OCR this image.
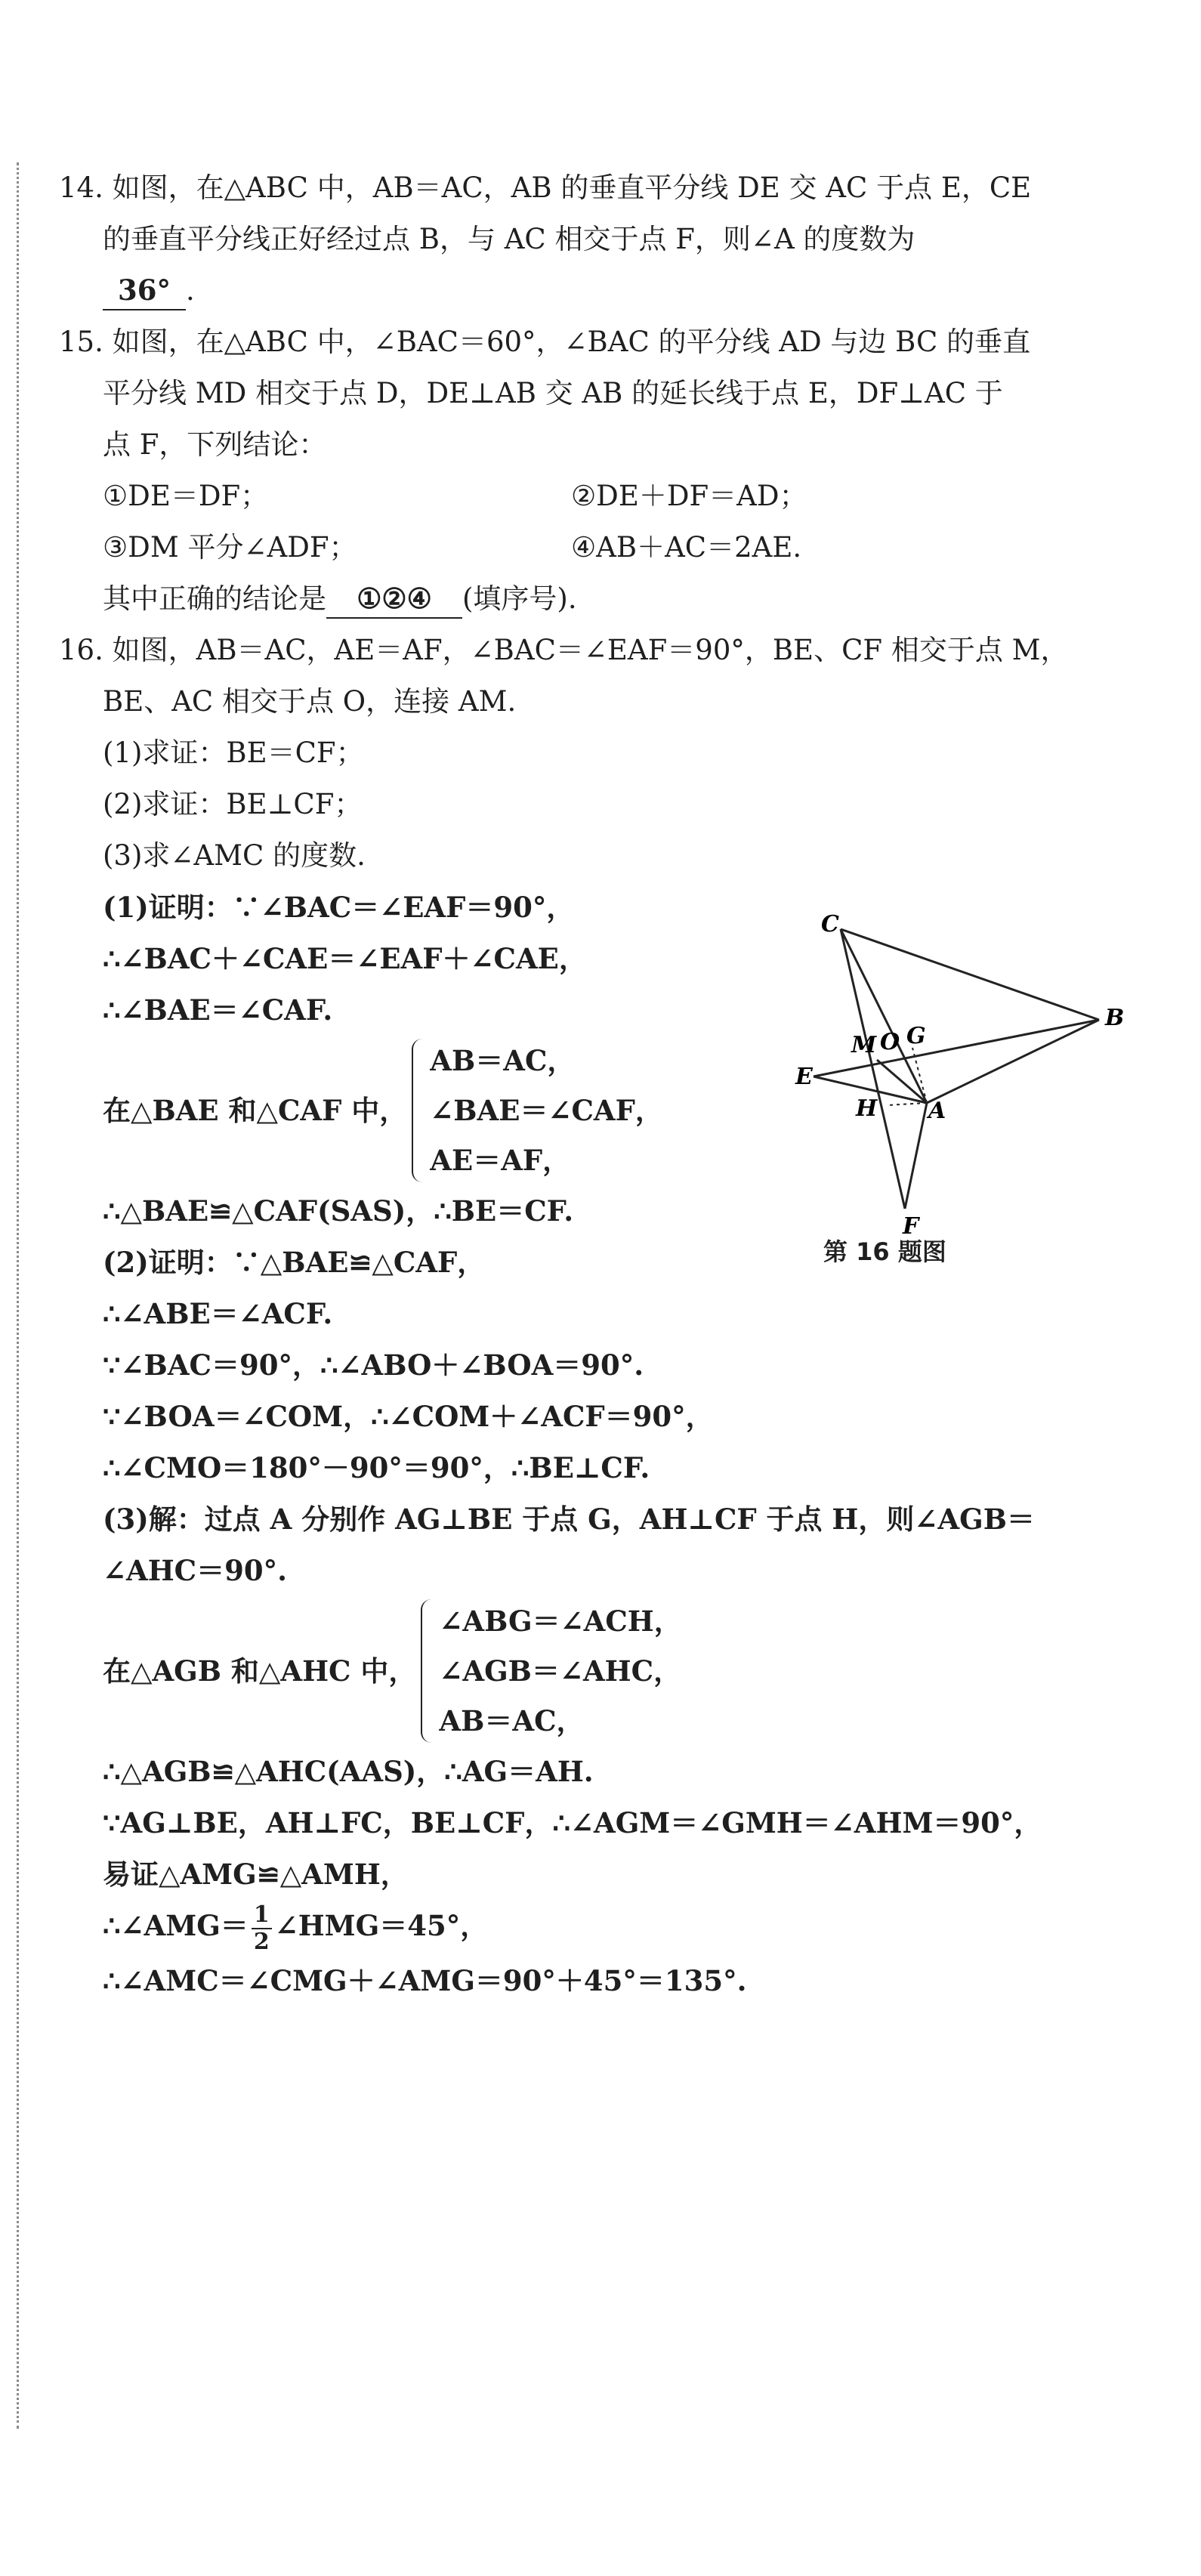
14. 如图，在△ABC 中，AB＝AC，AB 的垂直平分线 DE 交 AC 于点 E，CE
的垂直平分线正好经过点 B，与 AC 相交于点 F，则∠A 的度数为
36° .
15. 如图，在△ABC 中，∠BAC＝60°，∠BAC 的平分线 AD 与边 BC 的垂直
平分线 MD 相交于点 D，DE⊥AB 交 AB 的延长线于点 E，DF⊥AC 于
点 F，下列结论：
①DE＝DF；	②DE＋DF＝AD；
③DM 平分∠ADF；	④AB＋AC＝2AE.
其中正确的结论是 ①②④ (填序号).
16. 如图，AB＝AC，AE＝AF，∠BAC＝∠EAF＝90°，BE、CF 相交于点 M，
BE、AC 相交于点 O，连接 AM.
(1)求证：BE＝CF；
(2)求证：BE⊥CF；
(3)求∠AMC 的度数.
(1)证明：∵∠BAC＝∠EAF＝90°，
∴∠BAC＋∠CAE＝∠EAF＋∠CAE，
∴∠BAE＝∠CAF.
在△BAE 和△CAF 中，
AB＝AC，
∠BAE＝∠CAF，
AE＝AF，
∴△BAE≌△CAF(SAS)，∴BE＝CF.
(2)证明：∵△BAE≌△CAF，
∴∠ABE＝∠ACF.
∵∠BAC＝90°，∴∠ABO＋∠BOA＝90°.
∵∠BOA＝∠COM，∴∠COM＋∠ACF＝90°，
∴∠CMO＝180°－90°＝90°，∴BE⊥CF.
(3)解：过点 A 分别作 AG⊥BE 于点 G，AH⊥CF 于点 H，则∠AGB＝
∠AHC＝90°.
在△AGB 和△AHC 中，
∠ABG＝∠ACH，
∠AGB＝∠AHC，
AB＝AC，
∴△AGB≌△AHC(AAS)，∴AG＝AH.
∵AG⊥BE，AH⊥FC，BE⊥CF，∴∠AGM＝∠GMH＝∠AHM＝90°，
易证△AMG≌△AMH，
∴∠AMG＝ $\frac{1}{2}$ ∠HMG＝45°，
∴∠AMC＝∠CMG＋∠AMG＝90°＋45°＝135°.
C
B
M O G
E
H A
F
第 16 题图
